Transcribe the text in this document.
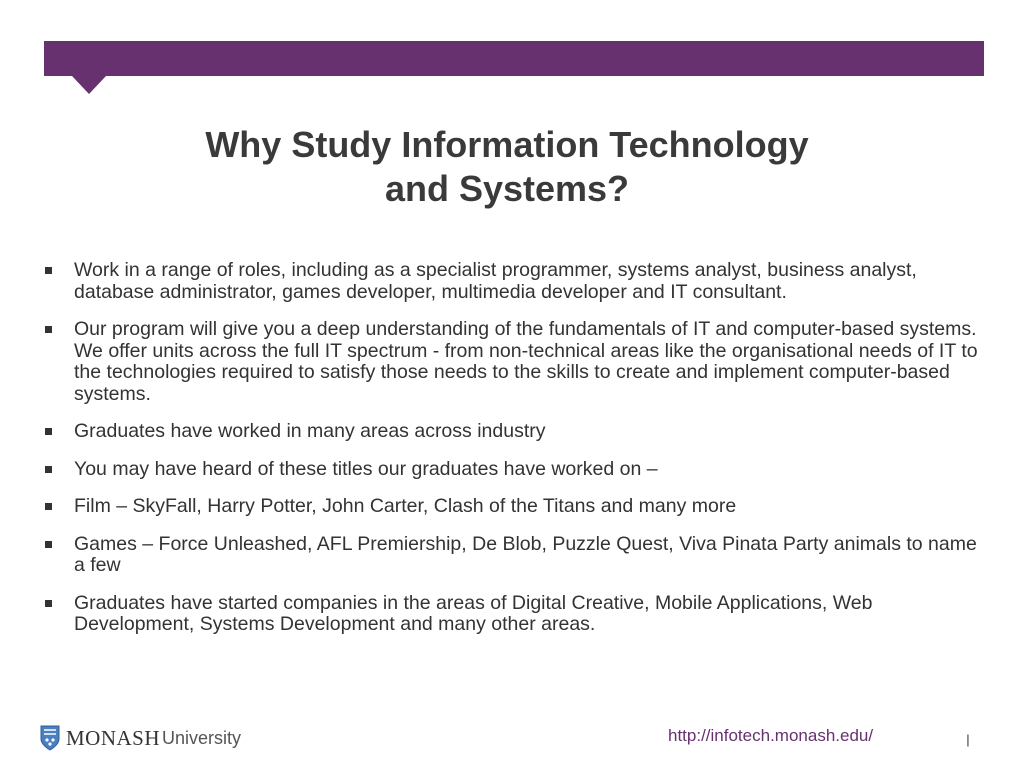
Why Study Information Technology
and Systems?
Work in a range of roles, including as a specialist programmer, systems analyst, business analyst, database administrator, games developer, multimedia developer and IT consultant.
Our program will give you a deep understanding of the fundamentals of IT and computer-based systems. We offer units across the full IT spectrum - from non-technical areas like the organisational needs of IT to the technologies required to satisfy those needs to the skills to create and implement computer-based systems.
Graduates have worked in many areas across industry
You may have heard of these titles our graduates have worked on –
Film – SkyFall, Harry Potter, John Carter, Clash of the Titans and many more
Games – Force Unleashed, AFL Premiership, De Blob, Puzzle Quest, Viva Pinata Party animals to name a few
Graduates have started companies in the areas of Digital Creative, Mobile Applications, Web Development, Systems Development and many other areas.
MONASH University	http://infotech.monash.edu/	|
